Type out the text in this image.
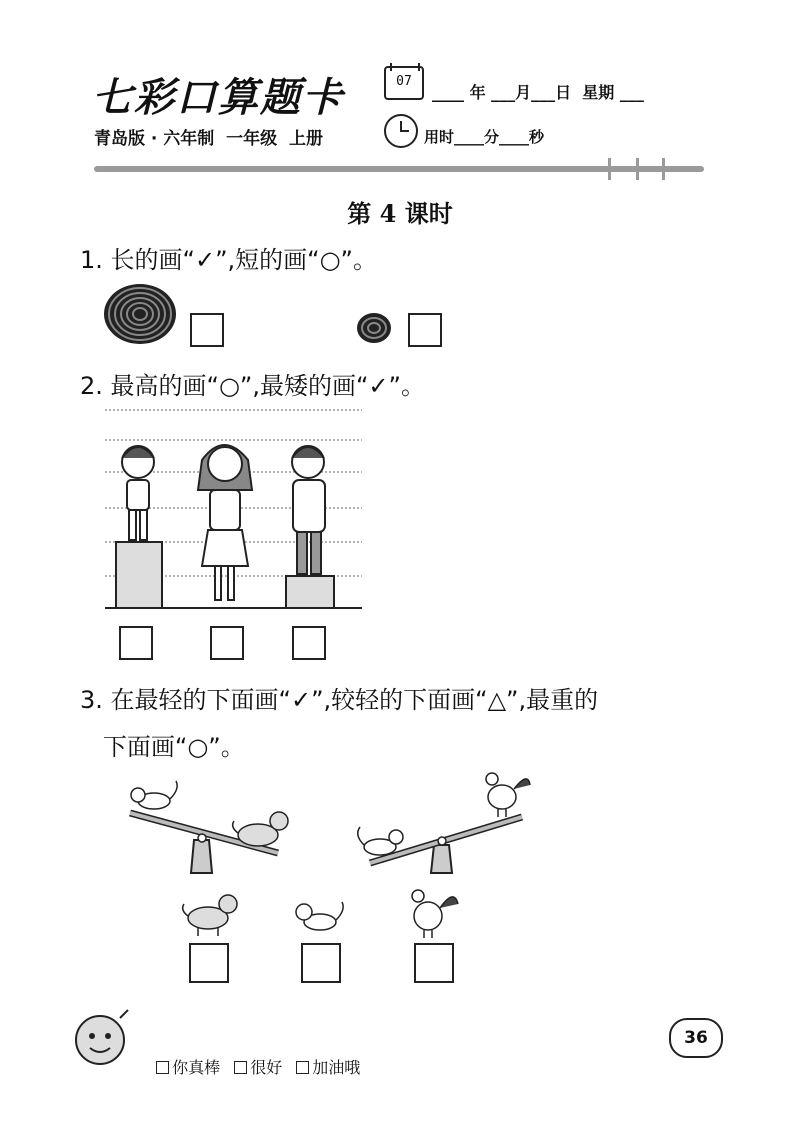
七彩口算题卡	07
____ 年 ___月___日  星期 ___
青岛版 · 六年制  一年级  上册	用时____分____秒
第 4 课时
1. 长的画“✓”,短的画“○”。
2. 最高的画“○”,最矮的画“✓”。
3. 在最轻的下面画“✓”,较轻的下面画“△”,最重的
下面画“○”。

你真棒 很好 加油哦

36
